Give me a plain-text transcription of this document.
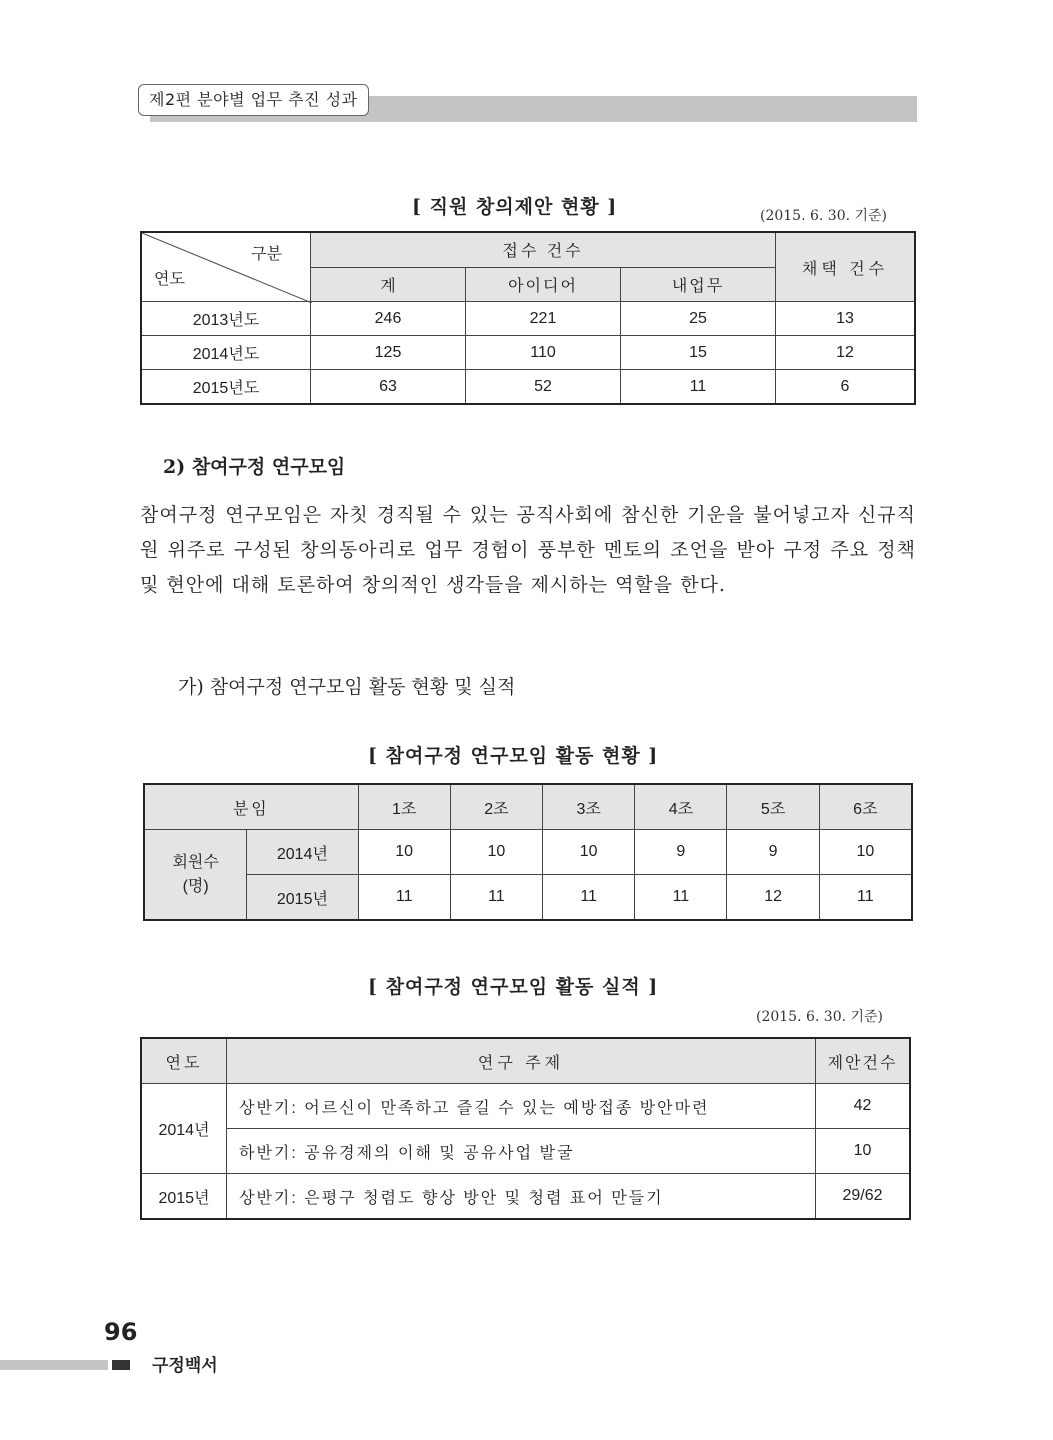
제2편 분야별 업무 추진 성과
[ 직원 창의제안 현황 ]	(2015. 6. 30. 기준)
구분
연도	접수 건수			채택 건수
	계	아이디어	내업무	
2013년도	246	221	25	13
2014년도	125	110	15	12
2015년도	63	52	11	6
2) 참여구정 연구모임
참여구정 연구모임은 자칫 경직될 수 있는 공직사회에 참신한 기운을 불어넣고자 신규직원 위주로 구성된 창의동아리로 업무 경험이 풍부한 멘토의 조언을 받아 구정 주요 정책 및 현안에 대해 토론하여 창의적인 생각들을 제시하는 역할을 한다.
가) 참여구정 연구모임 활동 현황 및 실적
[ 참여구정 연구모임 활동 현황 ]
분임		1조	2조	3조	4조	5조	6조
회원수
(명)	2014년	10	10	10	9	9	10
	2015년	11	11	11	11	12	11
[ 참여구정 연구모임 활동 실적 ]
(2015. 6. 30. 기준)
연도	연구 주제	제안건수
2014년	상반기: 어르신이 만족하고 즐길 수 있는 예방접종 방안마련	42
	하반기: 공유경제의 이해 및 공유사업 발굴	10
2015년	상반기: 은평구 청렴도 향상 방안 및 청렴 표어 만들기	29/62
96
구정백서
